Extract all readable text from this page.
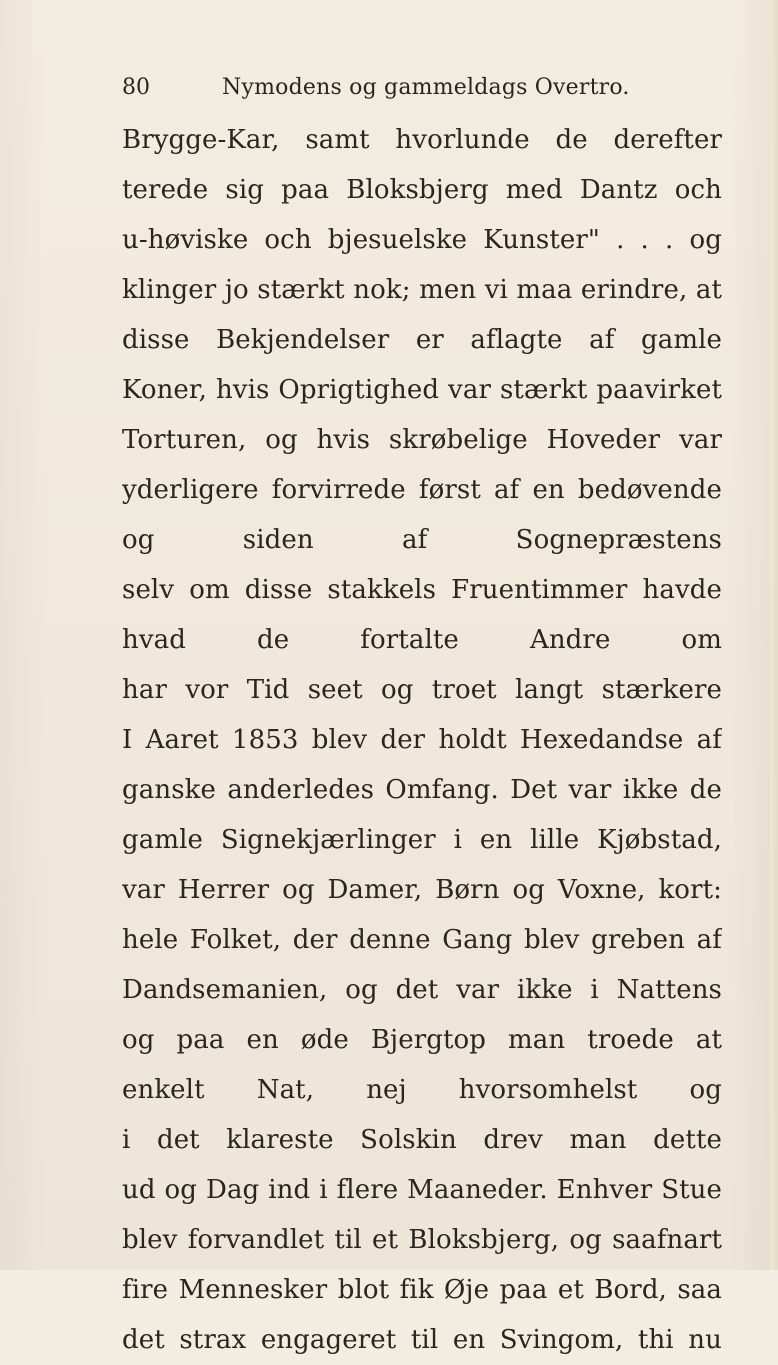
80	Nymodens og gammeldags Overtro.
Brygge-Kar, samt hvorlunde de derefter
terede sig paa Bloksbjerg med Dantz och
u-høviske och bjesuelske Kunster" . . . og
klinger jo stærkt nok; men vi maa erindre, at
disse Bekjendelser er aflagte af gamle
Koner, hvis Oprigtighed var stærkt paavirket
Torturen, og hvis skrøbelige Hoveder var
yderligere forvirrede først af en bedøvende
og siden af Sognepræstens
selv om disse stakkels Fruentimmer havde
hvad de fortalte Andre om
har vor Tid seet og troet langt stærkere
I Aaret 1853 blev der holdt Hexedandse af
ganske anderledes Omfang. Det var ikke de
gamle Signekjærlinger i en lille Kjøbstad,
var Herrer og Damer, Børn og Voxne, kort:
hele Folket, der denne Gang blev greben af
Dandsemanien, og det var ikke i Nattens
og paa en øde Bjergtop man troede at
enkelt Nat, nej hvorsomhelst og
i det klareste Solskin drev man dette
ud og Dag ind i flere Maaneder. Enhver Stue
blev forvandlet til et Bloksbjerg, og saafnart
fire Mennesker blot fik Øje paa et Bord, saa
det strax engageret til en Svingom, thi nu
